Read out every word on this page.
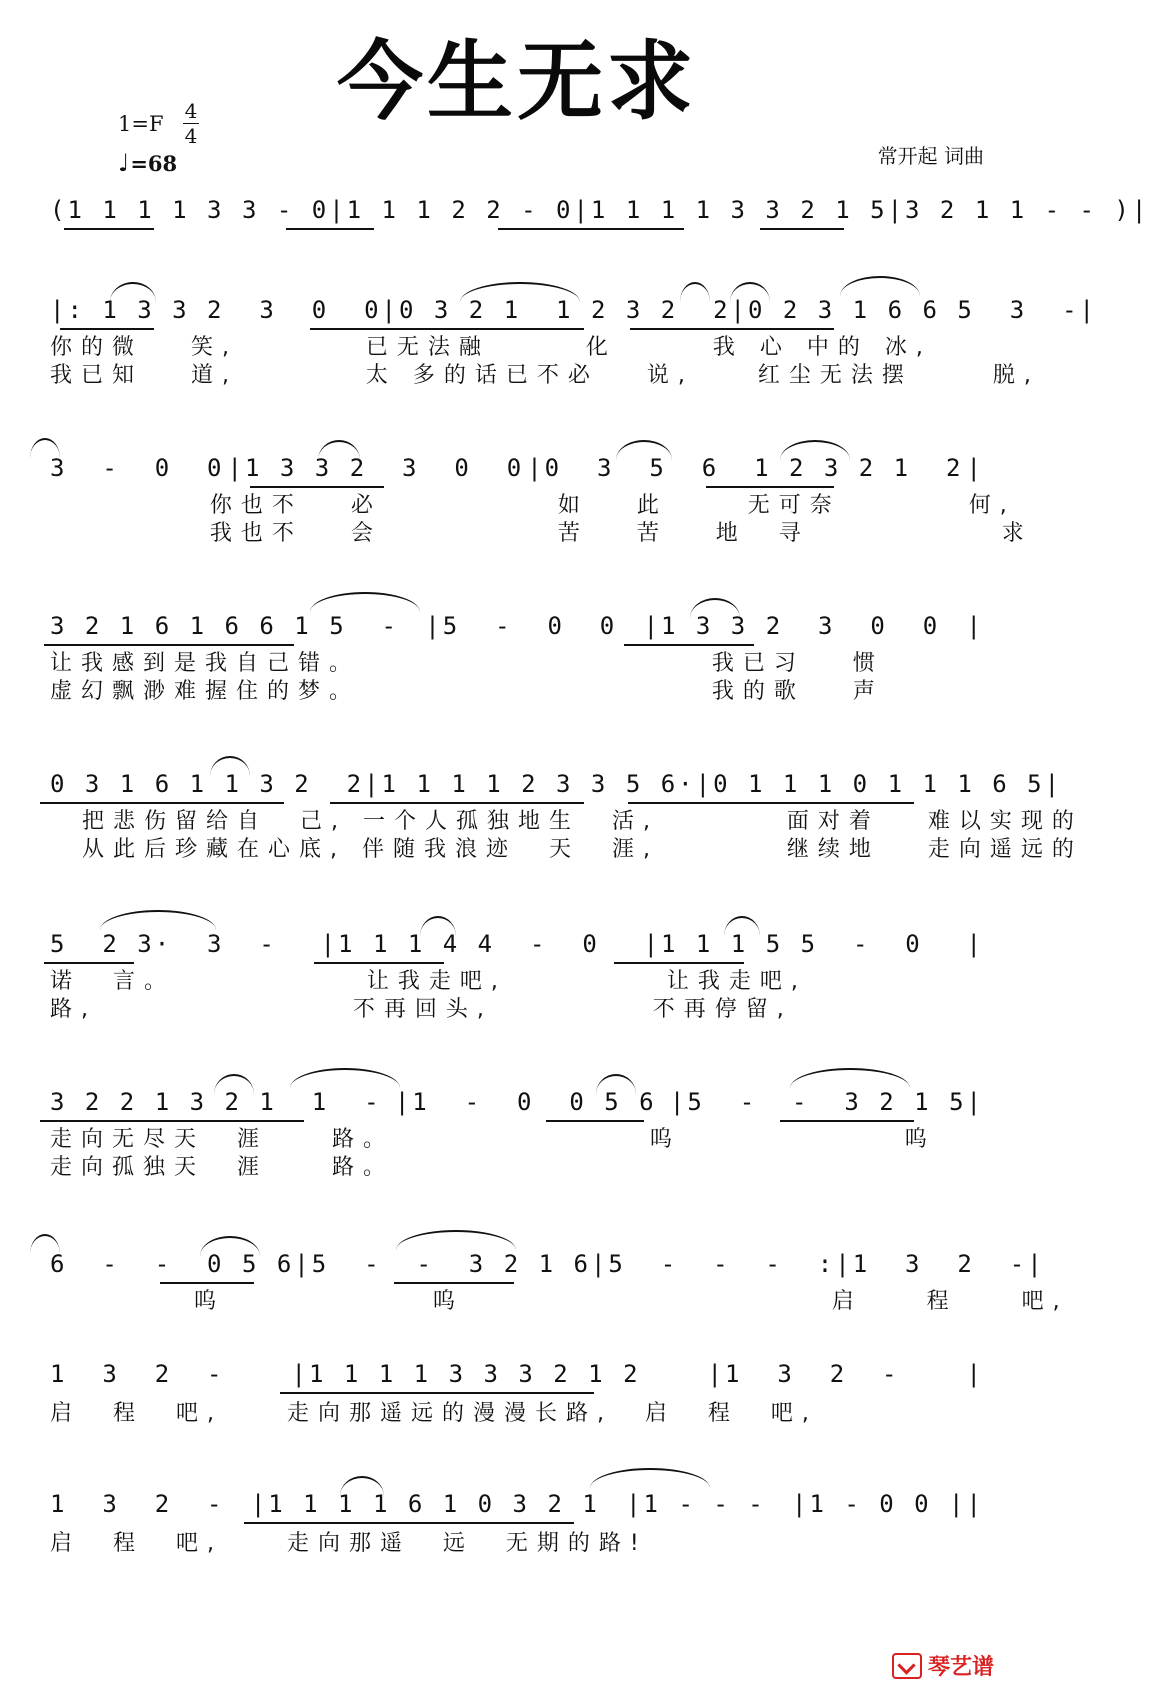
今生无求
1=F
4
4
♩=68	常开起 词曲
(1 1 1 1 3 3 - 0 |1 1 1 2 2 - 0 |1 1 1 1 3 3 2 1 5 |3 2 1 1 - - )|
|: 1 3 3 2  3  0  0 |0 3 2 1  1 2 3 2  2 |0 2 3 1 6 6 5  3  - |
你的微   笑,        已无法融      化      我 心 中的 冰,
我已知   道,        太 多的话已不必   说,    红尘无法摆     脱,
3  -  0  0 |1 3 3 2  3  0  0 |0  3  5  6  1 2 3 2 1  2 |
你也不   必           如   此     无可奈        何,
我也不   会           苦   苦   地  寻            求
3 2 1 6 1 6 6 1 5  - |5  -  0  0 |1 3 3 2  3  0  0 |
让我感到是我自己错。                      我已习   惯
虚幻飘渺难握住的梦。                      我的歌   声
0 3 1 6 1 1 3 2  2 |1 1 1 1 2 3 3 5 6· |0 1 1 1 0 1 1 1 6 5|
把悲伤留给自  己, 一个人孤独地生  活,        面对着   难以实现的
从此后珍藏在心底, 伴随我浪迹  天  涯,        继续地   走向遥远的
5  2 3·  3  - |1 1 1 4 4  -  0 |1 1 1 5 5  -  0 |
诺  言。            让我走吧,          让我走吧,
路,                不再回头,          不再停留,
3 2 2 1 3 2 1  1  - |1  -  0  0 5 6 |5  -  -  3 2 1 5|
走向无尽天  涯    路。                呜              呜
走向孤独天  涯    路。
6  -  -  0 5 6 |5  -  -  3 2 1 6 |5  -  -  -  :| 1  3  2  - |
呜             呜                       启    程    吧,
1  3  2  -	|1 1 1 1 3 3 3 2 1 2	|1  3  2  -	|
启  程  吧,    走向那遥远的漫漫长路,  启  程  吧,
1  3  2  - |1 1 1 1 6 1 0 3 2 1 |1 - - - |1 - 0 0 ||
启  程  吧,    走向那遥  远  无期的路!
琴艺谱
